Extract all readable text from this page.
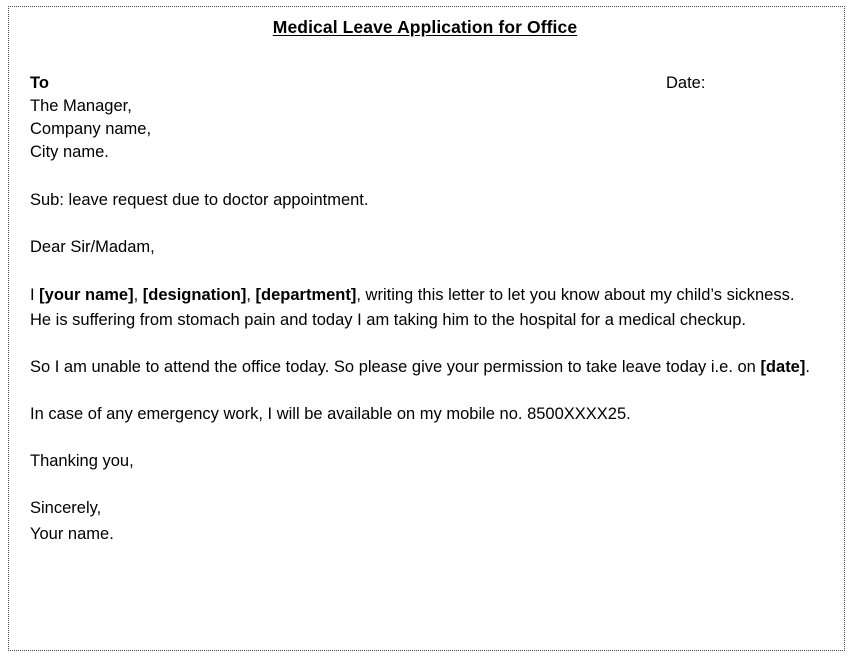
Medical Leave Application for Office
To	Date:
The Manager,
Company name,
City name.

Sub: leave request due to doctor appointment.

Dear Sir/Madam,

I [your name], [designation], [department], writing this letter to let you know about my child’s sickness. He is suffering from stomach pain and today I am taking him to the hospital for a medical checkup.

So I am unable to attend the office today. So please give your permission to take leave today i.e. on [date].

In case of any emergency work, I will be available on my mobile no. 8500XXXX25.

Thanking you,

Sincerely,
Your name.
